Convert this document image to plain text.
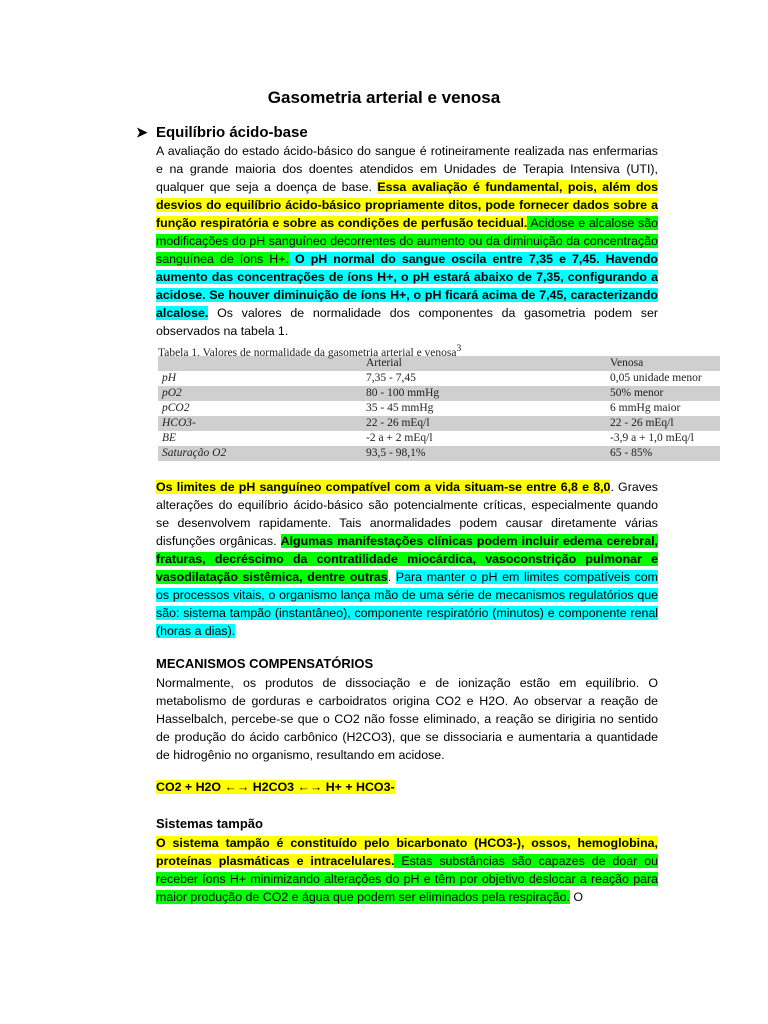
Gasometria arterial e venosa
➤ Equilíbrio ácido-base
A avaliação do estado ácido-básico do sangue é rotineiramente realizada nas enfermarias e na grande maioria dos doentes atendidos em Unidades de Terapia Intensiva (UTI), qualquer que seja a doença de base. Essa avaliação é fundamental, pois, além dos desvios do equilíbrio ácido-básico propriamente ditos, pode fornecer dados sobre a função respiratória e sobre as condições de perfusão tecidual. Acidose e alcalose são modificações do pH sanguíneo decorrentes do aumento ou da diminuição da concentração sanguínea de íons H+. O pH normal do sangue oscila entre 7,35 e 7,45. Havendo aumento das concentrações de íons H+, o pH estará abaixo de 7,35, configurando a acidose. Se houver diminuição de íons H+, o pH ficará acima de 7,45, caracterizando alcalose. Os valores de normalidade dos componentes da gasometria podem ser observados na tabela 1.
Tabela 1. Valores de normalidade da gasometria arterial e venosa$^3$
	Arterial	Venosa
pH	7,35 - 7,45	0,05 unidade menor
pO2	80 - 100 mmHg	50% menor
pCO2	35 - 45 mmHg	6 mmHg maior
HCO3-	22 - 26 mEq/l	22 - 26 mEq/l
BE	-2 a + 2 mEq/l	-3,9 a + 1,0 mEq/l
Saturação O2	93,5 - 98,1%	65 - 85%
Os limites de pH sanguíneo compatível com a vida situam-se entre 6,8 e 8,0. Graves alterações do equilíbrio ácido-básico são potencialmente críticas, especialmente quando se desenvolvem rapidamente. Tais anormalidades podem causar diretamente várias disfunções orgânicas. Algumas manifestações clínicas podem incluir edema cerebral, fraturas, decréscimo da contratilidade miocárdica, vasoconstrição pulmonar e vasodilatação sistêmica, dentre outras. Para manter o pH em limites compatíveis com os processos vitais, o organismo lança mão de uma série de mecanismos regulatórios que são: sistema tampão (instantâneo), componente respiratório (minutos) e componente renal (horas a dias).
MECANISMOS COMPENSATÓRIOS
Normalmente, os produtos de dissociação e de ionização estão em equilíbrio. O metabolismo de gorduras e carboidratos origina CO2 e H2O. Ao observar a reação de Hasselbalch, percebe-se que o CO2 não fosse eliminado, a reação se dirigiria no sentido de produção do ácido carbônico (H2CO3), que se dissociaria e aumentaria a quantidade de hidrogênio no organismo, resultando em acidose.
CO2 + H2O ←→ H2CO3 ←→ H+ + HCO3-
Sistemas tampão
O sistema tampão é constituído pelo bicarbonato (HCO3-), ossos, hemoglobina, proteínas plasmáticas e intracelulares. Estas substâncias são capazes de doar ou receber íons H+ minimizando alterações do pH e têm por objetivo deslocar a reação para maior produção de CO2 e água que podem ser eliminados pela respiração. O
